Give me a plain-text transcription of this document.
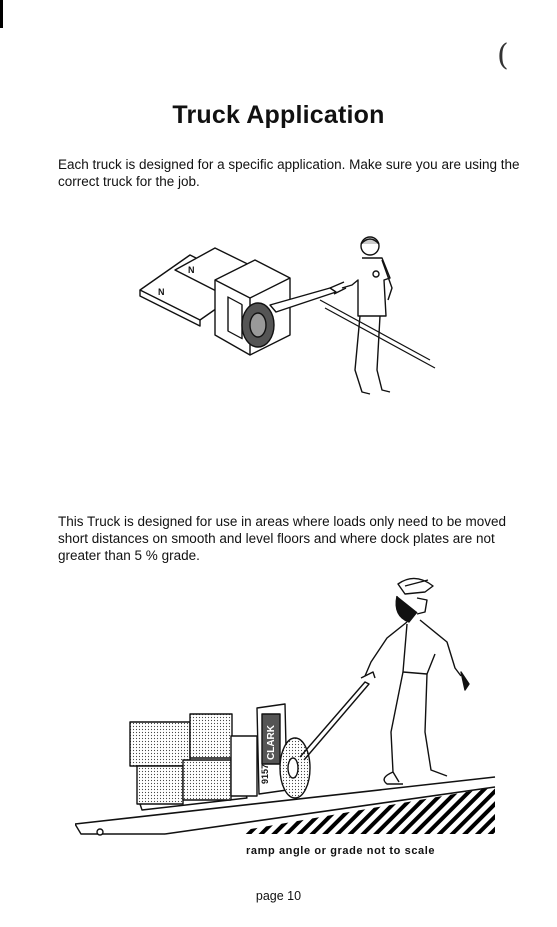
(
Truck Application

Each truck is designed for a specific application. Make sure you are using the correct truck for the job.

N
N

This Truck is designed for use in areas where loads only need to be moved short distances on smooth and level floors and where dock plates are not greater than 5 % grade.

CLARK
9157
ramp angle or grade not to scale
page 10
